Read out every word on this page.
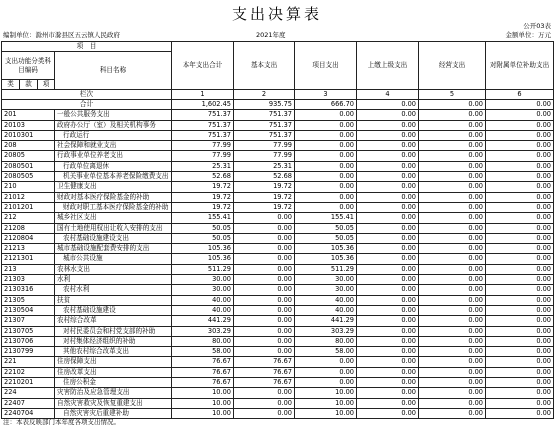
支出决算表
公开03表
编制单位：滁州市滁县区五云镇人民政府	2021年度	金额单位：万元
项　目				本年支出合计	基本支出	项目支出	上缴上级支出	经营支出	对附属单位补助支出
支出功能分类科目编码			科目名称						
类	款	项							
栏次				1	2	3	4	5	6
合计				1,602.45	935.75	666.70	0.00	0.00	0.00
201			一般公共服务支出	751.37	751.37	0.00	0.00	0.00	0.00
20103			政府办公厅（室）及相关机构事务	751.37	751.37	0.00	0.00	0.00	0.00
2010301			行政运行	751.37	751.37	0.00	0.00	0.00	0.00
208			社会保障和就业支出	77.99	77.99	0.00	0.00	0.00	0.00
20805			行政事业单位养老支出	77.99	77.99	0.00	0.00	0.00	0.00
2080501			行政单位离退休	25.31	25.31	0.00	0.00	0.00	0.00
2080505			机关事业单位基本养老保险缴费支出	52.68	52.68	0.00	0.00	0.00	0.00
210			卫生健康支出	19.72	19.72	0.00	0.00	0.00	0.00
21012			财政对基本医疗保险基金的补助	19.72	19.72	0.00	0.00	0.00	0.00
2101201			财政对职工基本医疗保险基金的补助	19.72	19.72	0.00	0.00	0.00	0.00
212			城乡社区支出	155.41	0.00	155.41	0.00	0.00	0.00
21208			国有土地使用权出让收入安排的支出	50.05	0.00	50.05	0.00	0.00	0.00
2120804			农村基础设施建设支出	50.05	0.00	50.05	0.00	0.00	0.00
21213			城市基础设施配套费安排的支出	105.36	0.00	105.36	0.00	0.00	0.00
2121301			城市公共设施	105.36	0.00	105.36	0.00	0.00	0.00
213			农林水支出	511.29	0.00	511.29	0.00	0.00	0.00
21303			水利	30.00	0.00	30.00	0.00	0.00	0.00
2130316			农村水利	30.00	0.00	30.00	0.00	0.00	0.00
21305			扶贫	40.00	0.00	40.00	0.00	0.00	0.00
2130504			农村基础设施建设	40.00	0.00	40.00	0.00	0.00	0.00
21307			农村综合改革	441.29	0.00	441.29	0.00	0.00	0.00
2130705			对村民委员会和村党支部的补助	303.29	0.00	303.29	0.00	0.00	0.00
2130706			对村集体经济组织的补助	80.00	0.00	80.00	0.00	0.00	0.00
2130799			其他农村综合改革支出	58.00	0.00	58.00	0.00	0.00	0.00
221			住房保障支出	76.67	76.67	0.00	0.00	0.00	0.00
22102			住房改革支出	76.67	76.67	0.00	0.00	0.00	0.00
2210201			住房公积金	76.67	76.67	0.00	0.00	0.00	0.00
224			灾害防治及应急管理支出	10.00	0.00	10.00	0.00	0.00	0.00
22407			自然灾害救灾及恢复重建支出	10.00	0.00	10.00	0.00	0.00	0.00
2240704			自然灾害灾后重建补助	10.00	0.00	10.00	0.00	0.00	0.00
注：本表反映部门本年度各项支出情况。
